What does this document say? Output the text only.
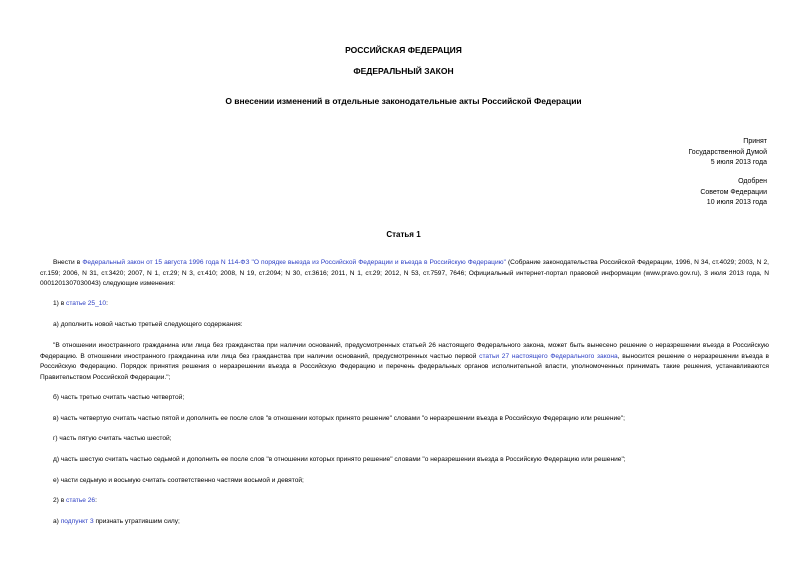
РОССИЙСКАЯ ФЕДЕРАЦИЯ
ФЕДЕРАЛЬНЫЙ ЗАКОН
О внесении изменений в отдельные законодательные акты Российской Федерации
Принят
Государственной Думой
5 июля 2013 года
Одобрен
Советом Федерации
10 июля 2013 года
Статья 1
Внести в Федеральный закон от 15 августа 1996 года N 114-ФЗ "О порядке выезда из Российской Федерации и въезда в Российскую Федерацию" (Собрание законодательства Российской Федерации, 1996, N 34, ст.4029; 2003, N 2, ст.159; 2006, N 31, ст.3420; 2007, N 1, ст.29; N 3, ст.410; 2008, N 19, ст.2094; N 30, ст.3616; 2011, N 1, ст.29; 2012, N 53, ст.7597, 7646; Официальный интернет-портал правовой информации (www.pravo.gov.ru), 3 июля 2013 года, N 0001201307030043) следующие изменения:
1) в статье 25_10:
а) дополнить новой частью третьей следующего содержания:
"В отношении иностранного гражданина или лица без гражданства при наличии оснований, предусмотренных статьей 26 настоящего Федерального закона, может быть вынесено решение о неразрешении въезда в Российскую Федерацию. В отношении иностранного гражданина или лица без гражданства при наличии оснований, предусмотренных частью первой статьи 27 настоящего Федерального закона, выносится решение о неразрешении въезда в Российскую Федерацию. Порядок принятия решения о неразрешении въезда в Российскую Федерацию и перечень федеральных органов исполнительной власти, уполномоченных принимать такие решения, устанавливаются Правительством Российской Федерации.";
б) часть третью считать частью четвертой;
в) часть четвертую считать частью пятой и дополнить ее после слов "в отношении которых принято решение" словами "о неразрешении въезда в Российскую Федерацию или решение";
г) часть пятую считать частью шестой;
д) часть шестую считать частью седьмой и дополнить ее после слов "в отношении которых принято решение" словами "о неразрешении въезда в Российскую Федерацию или решение";
е) части седьмую и восьмую считать соответственно частями восьмой и девятой;
2) в статье 26:
а) подпункт 3 признать утратившим силу;
